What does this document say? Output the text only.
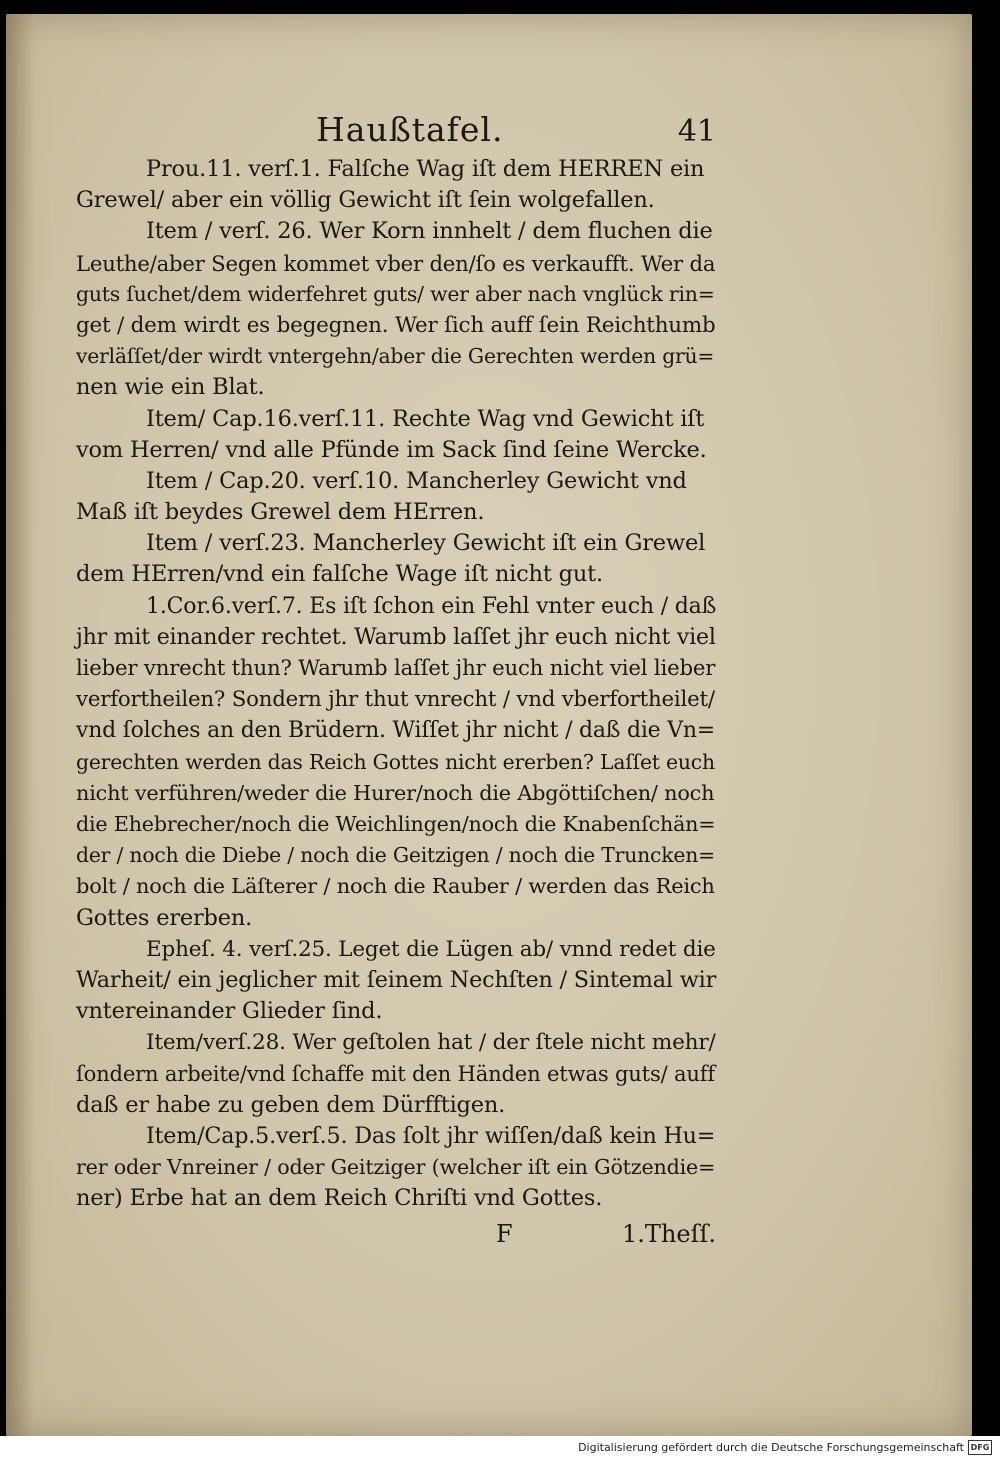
Haußtafel.	41
Prou.11. verſ.1. Falſche Wag iſt dem HERREN ein
Grewel/ aber ein völlig Gewicht iſt ſein wolgefallen.
Item / verſ. 26. Wer Korn innhelt / dem fluchen die
Leuthe/aber Segen kommet vber den/ſo es verkaufft. Wer da
guts ſuchet/dem widerfehret guts/ wer aber nach vnglück rin=
get / dem wirdt es begegnen. Wer ſich auff ſein Reichthumb
verläſſet/der wirdt vntergehn/aber die Gerechten werden grü=
nen wie ein Blat.
Item/ Cap.16.verſ.11. Rechte Wag vnd Gewicht iſt
vom Herren/ vnd alle Pfünde im Sack ſind ſeine Wercke.
Item / Cap.20. verſ.10. Mancherley Gewicht vnd
Maß iſt beydes Grewel dem HErren.
Item / verſ.23. Mancherley Gewicht iſt ein Grewel
dem HErren/vnd ein falſche Wage iſt nicht gut.
1.Cor.6.verſ.7. Es iſt ſchon ein Fehl vnter euch / daß
jhr mit einander rechtet. Warumb laſſet jhr euch nicht viel
lieber vnrecht thun? Warumb laſſet jhr euch nicht viel lieber
verfortheilen? Sondern jhr thut vnrecht / vnd vberfortheilet/
vnd ſolches an den Brüdern. Wiſſet jhr nicht / daß die Vn=
gerechten werden das Reich Gottes nicht ererben? Laſſet euch
nicht verführen/weder die Hurer/noch die Abgöttiſchen/ noch
die Ehebrecher/noch die Weichlingen/noch die Knabenſchän=
der / noch die Diebe / noch die Geitzigen / noch die Truncken=
bolt / noch die Läſterer / noch die Rauber / werden das Reich
Gottes ererben.
Epheſ. 4. verſ.25. Leget die Lügen ab/ vnnd redet die
Warheit/ ein jeglicher mit ſeinem Nechſten / Sintemal wir
vntereinander Glieder ſind.
Item/verſ.28. Wer geſtolen hat / der ſtele nicht mehr/
ſondern arbeite/vnd ſchaffe mit den Händen etwas guts/ auff
daß er habe zu geben dem Dürfftigen.
Item/Cap.5.verſ.5. Das ſolt jhr wiſſen/daß kein Hu=
rer oder Vnreiner / oder Geitziger (welcher iſt ein Götzendie=
ner) Erbe hat an dem Reich Chriſti vnd Gottes.
F	1.Theſſ.
Digitalisierung gefördert durch die Deutsche Forschungsgemeinschaft DFG
